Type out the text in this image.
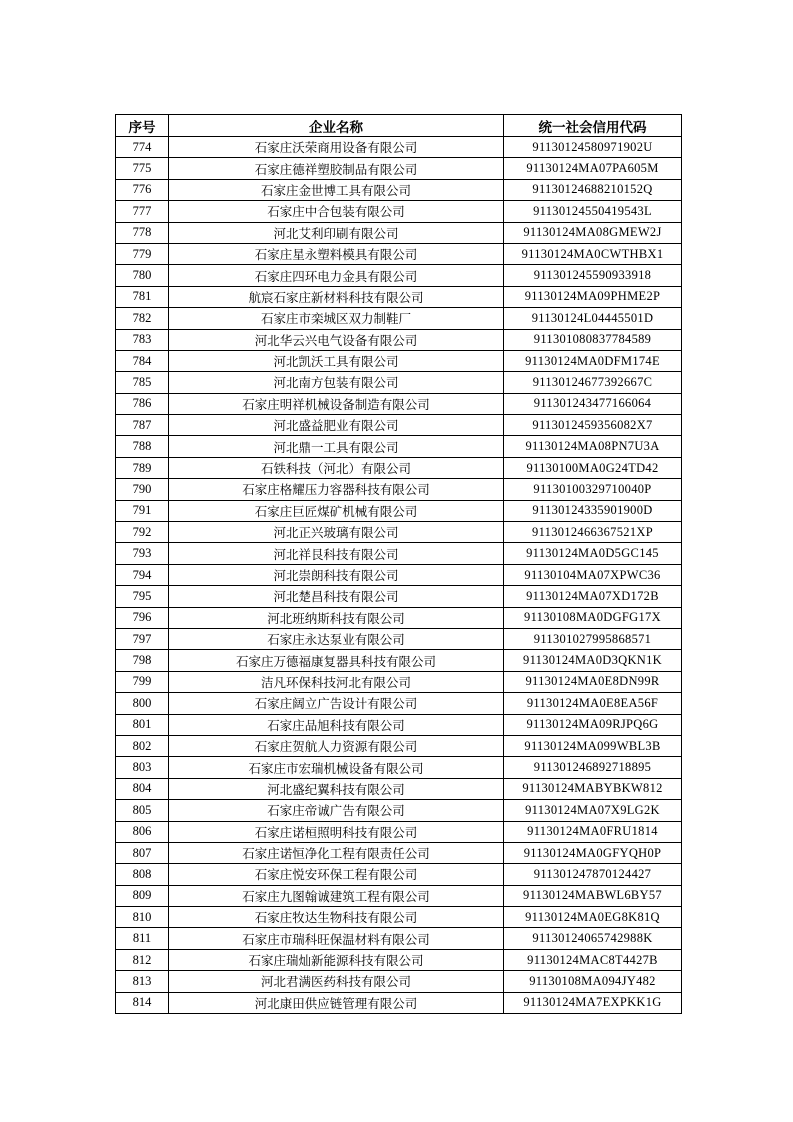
序号	企业名称	统一社会信用代码
774	石家庄沃荣商用设备有限公司	91130124580971902U
775	石家庄德祥塑胶制品有限公司	91130124MA07PA605M
776	石家庄金世博工具有限公司	91130124688210152Q
777	石家庄中合包装有限公司	91130124550419543L
778	河北艾利印刷有限公司	91130124MA08GMEW2J
779	石家庄星永塑料模具有限公司	91130124MA0CWTHBX1
780	石家庄四环电力金具有限公司	911301245590933918
781	航宸石家庄新材料科技有限公司	91130124MA09PHME2P
782	石家庄市栾城区双力制鞋厂	91130124L04445501D
783	河北华云兴电气设备有限公司	911301080837784589
784	河北凯沃工具有限公司	91130124MA0DFM174E
785	河北南方包装有限公司	91130124677392667C
786	石家庄明祥机械设备制造有限公司	911301243477166064
787	河北盛益肥业有限公司	9113012459356082X7
788	河北鼎一工具有限公司	91130124MA08PN7U3A
789	石铁科技（河北）有限公司	91130100MA0G24TD42
790	石家庄格耀压力容器科技有限公司	91130100329710040P
791	石家庄巨匠煤矿机械有限公司	91130124335901900D
792	河北正兴玻璃有限公司	9113012466367521XP
793	河北祥艮科技有限公司	91130124MA0D5GC145
794	河北崇朗科技有限公司	91130104MA07XPWC36
795	河北楚昌科技有限公司	91130124MA07XD172B
796	河北班纳斯科技有限公司	91130108MA0DGFG17X
797	石家庄永达泵业有限公司	911301027995868571
798	石家庄万德福康复器具科技有限公司	91130124MA0D3QKN1K
799	洁凡环保科技河北有限公司	91130124MA0E8DN99R
800	石家庄阔立广告设计有限公司	91130124MA0E8EA56F
801	石家庄品旭科技有限公司	91130124MA09RJPQ6G
802	石家庄贺航人力资源有限公司	91130124MA099WBL3B
803	石家庄市宏瑞机械设备有限公司	911301246892718895
804	河北盛纪翼科技有限公司	91130124MABYBKW812
805	石家庄帝诚广告有限公司	91130124MA07X9LG2K
806	石家庄诺桓照明科技有限公司	91130124MA0FRU1814
807	石家庄诺恒净化工程有限责任公司	91130124MA0GFYQH0P
808	石家庄悦安环保工程有限公司	911301247870124427
809	石家庄九图翰诚建筑工程有限公司	91130124MABWL6BY57
810	石家庄牧达生物科技有限公司	91130124MA0EG8K81Q
811	石家庄市瑞科旺保温材料有限公司	91130124065742988K
812	石家庄瑞灿新能源科技有限公司	91130124MAC8T4427B
813	河北君满医药科技有限公司	91130108MA094JY482
814	河北康田供应链管理有限公司	91130124MA7EXPKK1G
